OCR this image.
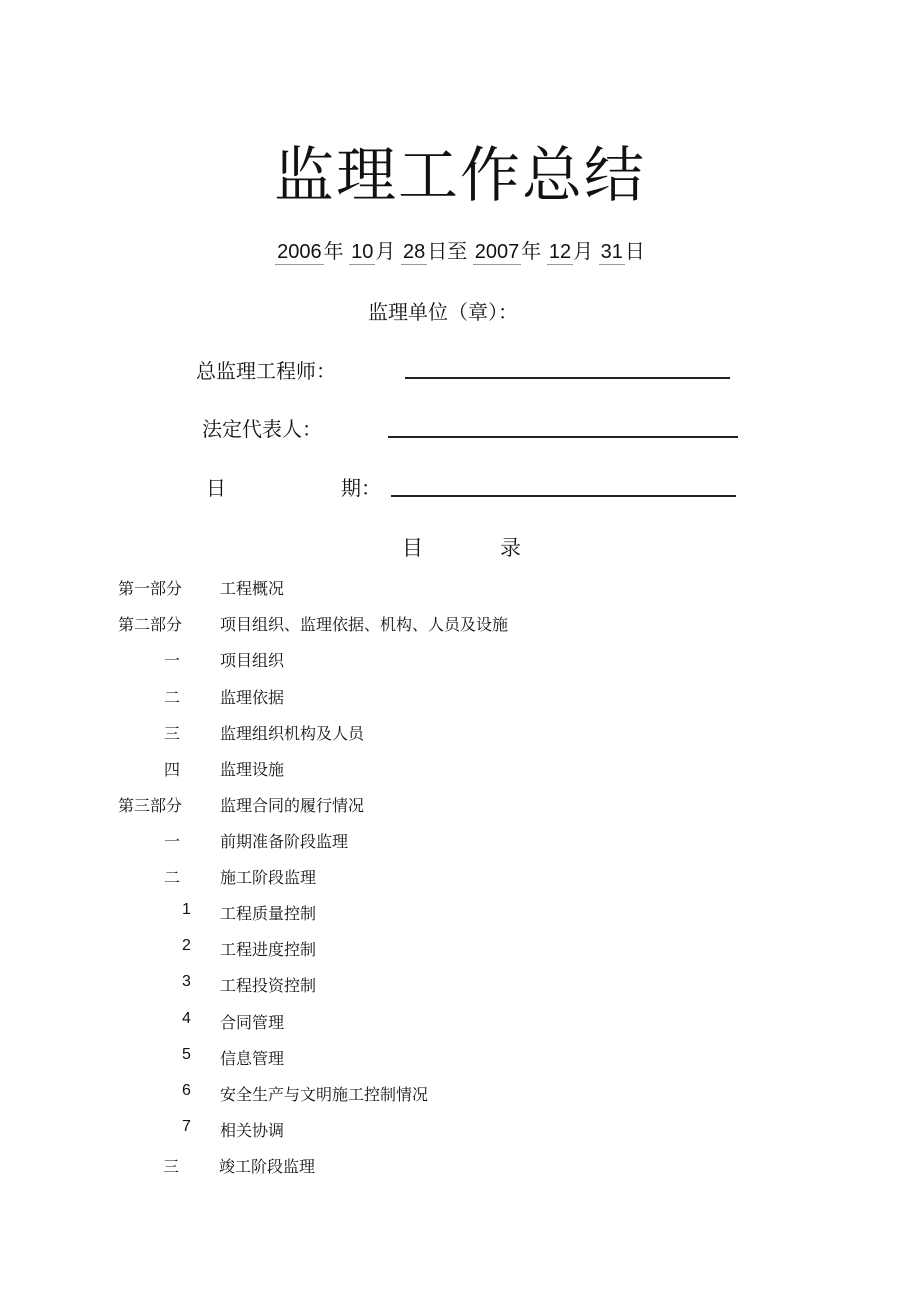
监理工作总结
2006 年 10 月 28 日至 2007 年 12 月 31 日
监理单位（章）：
总监理工程师：
法定代表人：
日	期：
目	录
第一部分 工程概况
第二部分 项目组织、监理依据、机构、人员及设施
一 项目组织
二 监理依据
三 监理组织机构及人员
四 监理设施
第三部分 监理合同的履行情况
一 前期准备阶段监理
二 施工阶段监理
1 工程质量控制
2 工程进度控制
3 工程投资控制
4 合同管理
5 信息管理
6 安全生产与文明施工控制情况
7 相关协调
三 竣工阶段监理
